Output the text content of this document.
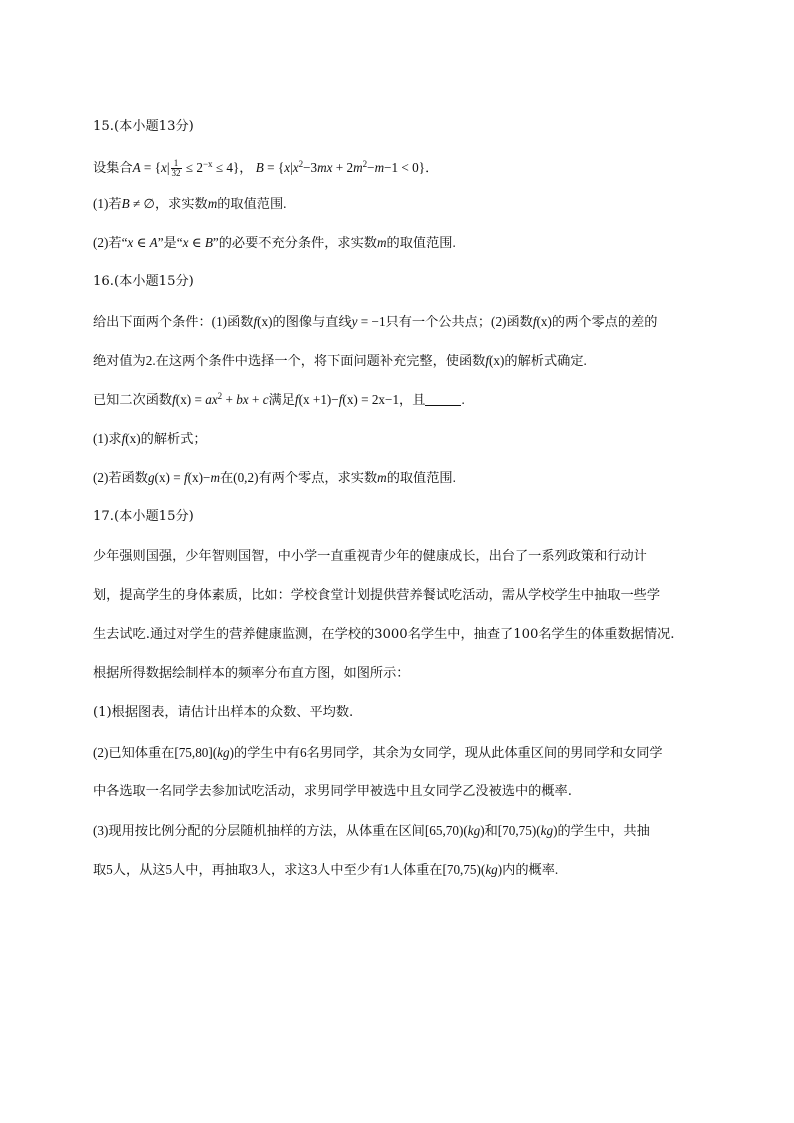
15.(本小题13分)
设集合$A = \{x| \frac{1}{32} \le 2^{-x} \le 4\}$， $B = \{x|x^2-3mx + 2m^2-m-1 < 0\}$．
(1)若B ≠ ∅，求实数m的取值范围.
(2)若“x ∈ A”是“x ∈ B”的必要不充分条件，求实数m的取值范围.
16.(本小题15分)
给出下面两个条件：(1)函数f(x)的图像与直线y = −1只有一个公共点；(2)函数f(x)的两个零点的差的
绝对值为2.在这两个条件中选择一个，将下面问题补充完整，使函数f(x)的解析式确定.
已知二次函数$f(x) = ax^2$ + bx + c满足f(x +1)−f(x) = 2x−1，且	.
(1)求f(x)的解析式；
(2)若函数g(x) = f(x)−m在(0,2)有两个零点，求实数m的取值范围.
17.(本小题15分)
少年强则国强，少年智则国智，中小学一直重视青少年的健康成长，出台了一系列政策和行动计
划，提高学生的身体素质，比如：学校食堂计划提供营养餐试吃活动，需从学校学生中抽取一些学
生去试吃.通过对学生的营养健康监测，在学校的3000名学生中，抽查了100名学生的体重数据情况.
根据所得数据绘制样本的频率分布直方图，如图所示：
(1)根据图表，请估计出样本的众数、平均数.
(2)已知体重在[75,80](kg)的学生中有6名男同学，其余为女同学，现从此体重区间的男同学和女同学
中各选取一名同学去参加试吃活动，求男同学甲被选中且女同学乙没被选中的概率.
(3)现用按比例分配的分层随机抽样的方法，从体重在区间[65,70)(kg)和[70,75)(kg)的学生中，共抽
取5人，从这5人中，再抽取3人，求这3人中至少有1人体重在[70,75)(kg)内的概率.
